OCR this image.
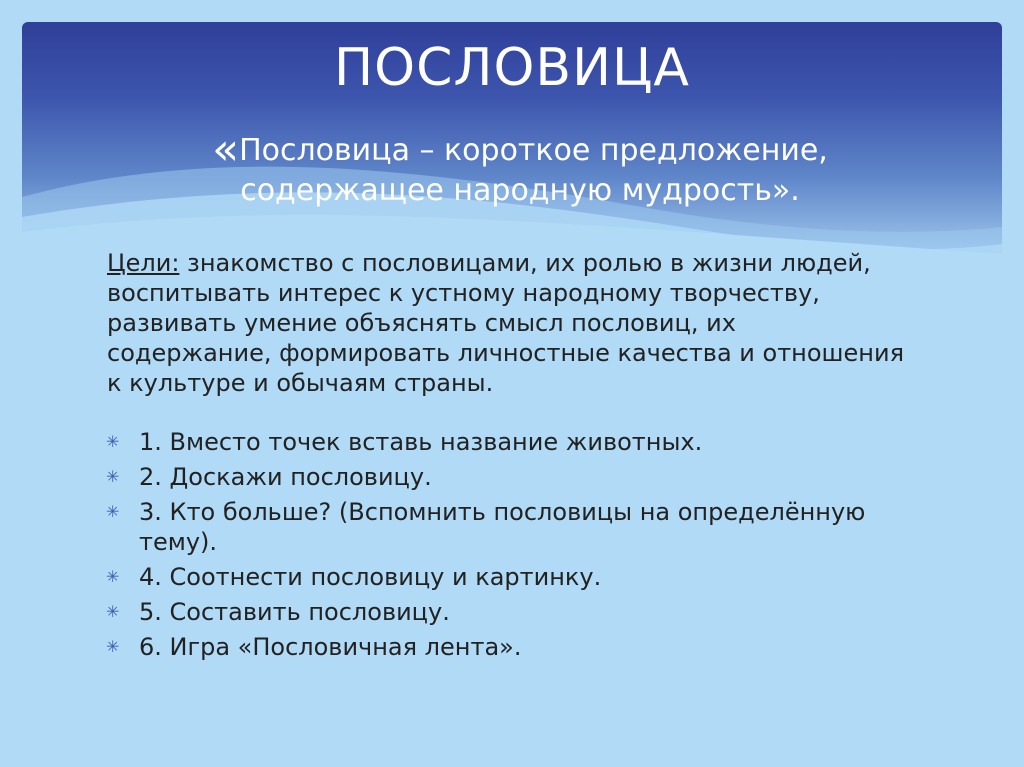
ПОСЛОВИЦА

«Пословица – короткое предложение, содержащее народную мудрость».

Цели: знакомство с пословицами, их ролью в жизни людей, воспитывать интерес к устному народному творчеству, развивать умение объяснять смысл пословиц, их содержание, формировать личностные качества и отношения к культуре и обычаям страны.

✳ 1. Вместо точек вставь название животных.
✳ 2. Доскажи пословицу.
✳ 3. Кто больше? (Вспомнить пословицы на определённую тему).
✳ 4. Соотнести пословицу и картинку.
✳ 5. Составить пословицу.
✳ 6. Игра «Пословичная лента».
